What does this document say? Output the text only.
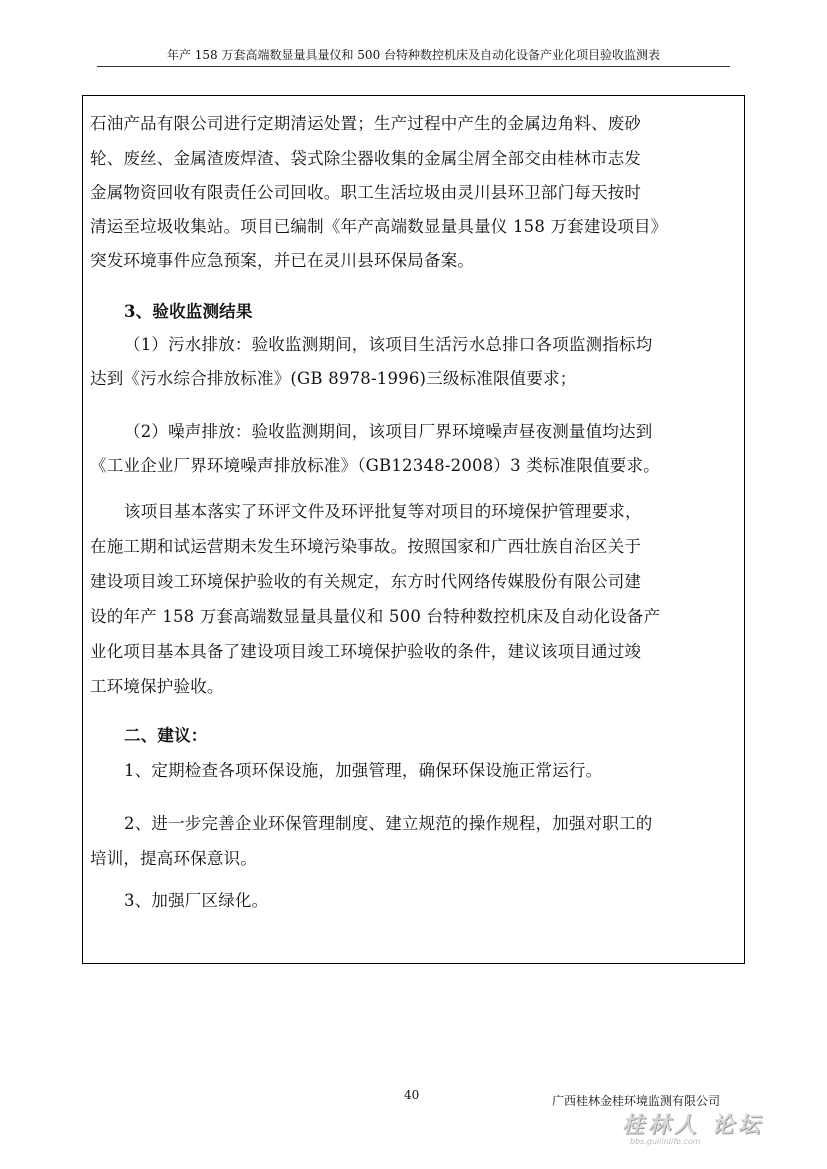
年产 158 万套高端数显量具量仪和 500 台特种数控机床及自动化设备产业化项目验收监测表
石油产品有限公司进行定期清运处置；生产过程中产生的金属边角料、废砂
轮、废丝、金属渣废焊渣、袋式除尘器收集的金属尘屑全部交由桂林市志发
金属物资回收有限责任公司回收。职工生活垃圾由灵川县环卫部门每天按时
清运至垃圾收集站。项目已编制《年产高端数显量具量仪 158 万套建设项目》
突发环境事件应急预案，并已在灵川县环保局备案。
3、验收监测结果
（1）污水排放：验收监测期间，该项目生活污水总排口各项监测指标均
达到《污水综合排放标准》(GB 8978-1996)三级标准限值要求；
（2）噪声排放：验收监测期间，该项目厂界环境噪声昼夜测量值均达到
《工业企业厂界环境噪声排放标准》（GB12348-2008）3 类标准限值要求。
该项目基本落实了环评文件及环评批复等对项目的环境保护管理要求，
在施工期和试运营期未发生环境污染事故。按照国家和广西壮族自治区关于
建设项目竣工环境保护验收的有关规定，东方时代网络传媒股份有限公司建
设的年产 158 万套高端数显量具量仪和 500 台特种数控机床及自动化设备产
业化项目基本具备了建设项目竣工环境保护验收的条件，建议该项目通过竣
工环境保护验收。
二、建议：
1、定期检查各项环保设施，加强管理，确保环保设施正常运行。
2、进一步完善企业环保管理制度、建立规范的操作规程，加强对职工的
培训，提高环保意识。
3、加强厂区绿化。
40	广西桂林金桂环境监测有限公司
桂林人 论坛
bbs.guilinlife.com
